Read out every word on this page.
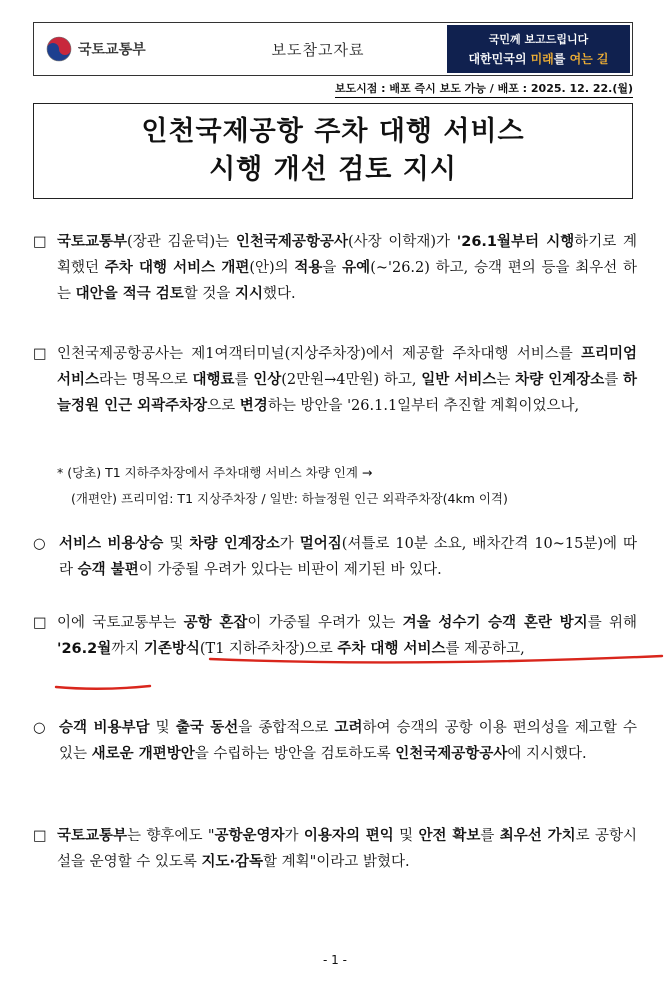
국토교통부	보도참고자료
국민께 보고드립니다
대한민국의 미래를 여는 길
보도시점 : 배포 즉시 보도 가능 / 배포 : 2025. 12. 22.(월)
인천국제공항 주차 대행 서비스
시행 개선 검토 지시
□ 국토교통부(장관 김윤덕)는 인천국제공항공사(사장 이학재)가 '26.1월부터 시행하기로 계획했던 주차 대행 서비스 개편(안)의 적용을 유예(~'26.2) 하고, 승객 편의 등을 최우선 하는 대안을 적극 검토할 것을 지시했다.
□ 인천국제공항공사는 제1여객터미널(지상주차장)에서 제공할 주차대행 서비스를 프리미엄 서비스라는 명목으로 대행료를 인상(2만원→4만원) 하고, 일반 서비스는 차량 인계장소를 하늘정원 인근 외곽주차장으로 변경하는 방안을 '26.1.1일부터 추진할 계획이었으나,
* (당초) T1 지하주차장에서 주차대행 서비스 차량 인계 →
(개편안) 프리미엄: T1 지상주차장 / 일반: 하늘정원 인근 외곽주차장(4km 이격)
○ 서비스 비용상승 및 차량 인계장소가 멀어짐(셔틀로 10분 소요, 배차간격 10~15분)에 따라 승객 불편이 가중될 우려가 있다는 비판이 제기된 바 있다.
□ 이에 국토교통부는 공항 혼잡이 가중될 우려가 있는 겨울 성수기 승객 혼란 방지를 위해 '26.2월까지 기존방식(T1 지하주차장)으로 주차 대행 서비스를 제공하고,
○ 승객 비용부담 및 출국 동선을 종합적으로 고려하여 승객의 공항 이용 편의성을 제고할 수 있는 새로운 개편방안을 수립하는 방안을 검토하도록 인천국제공항공사에 지시했다.
□ 국토교통부는 향후에도 "공항운영자가 이용자의 편익 및 안전 확보를 최우선 가치로 공항시설을 운영할 수 있도록 지도·감독할 계획"이라고 밝혔다.
- 1 -
